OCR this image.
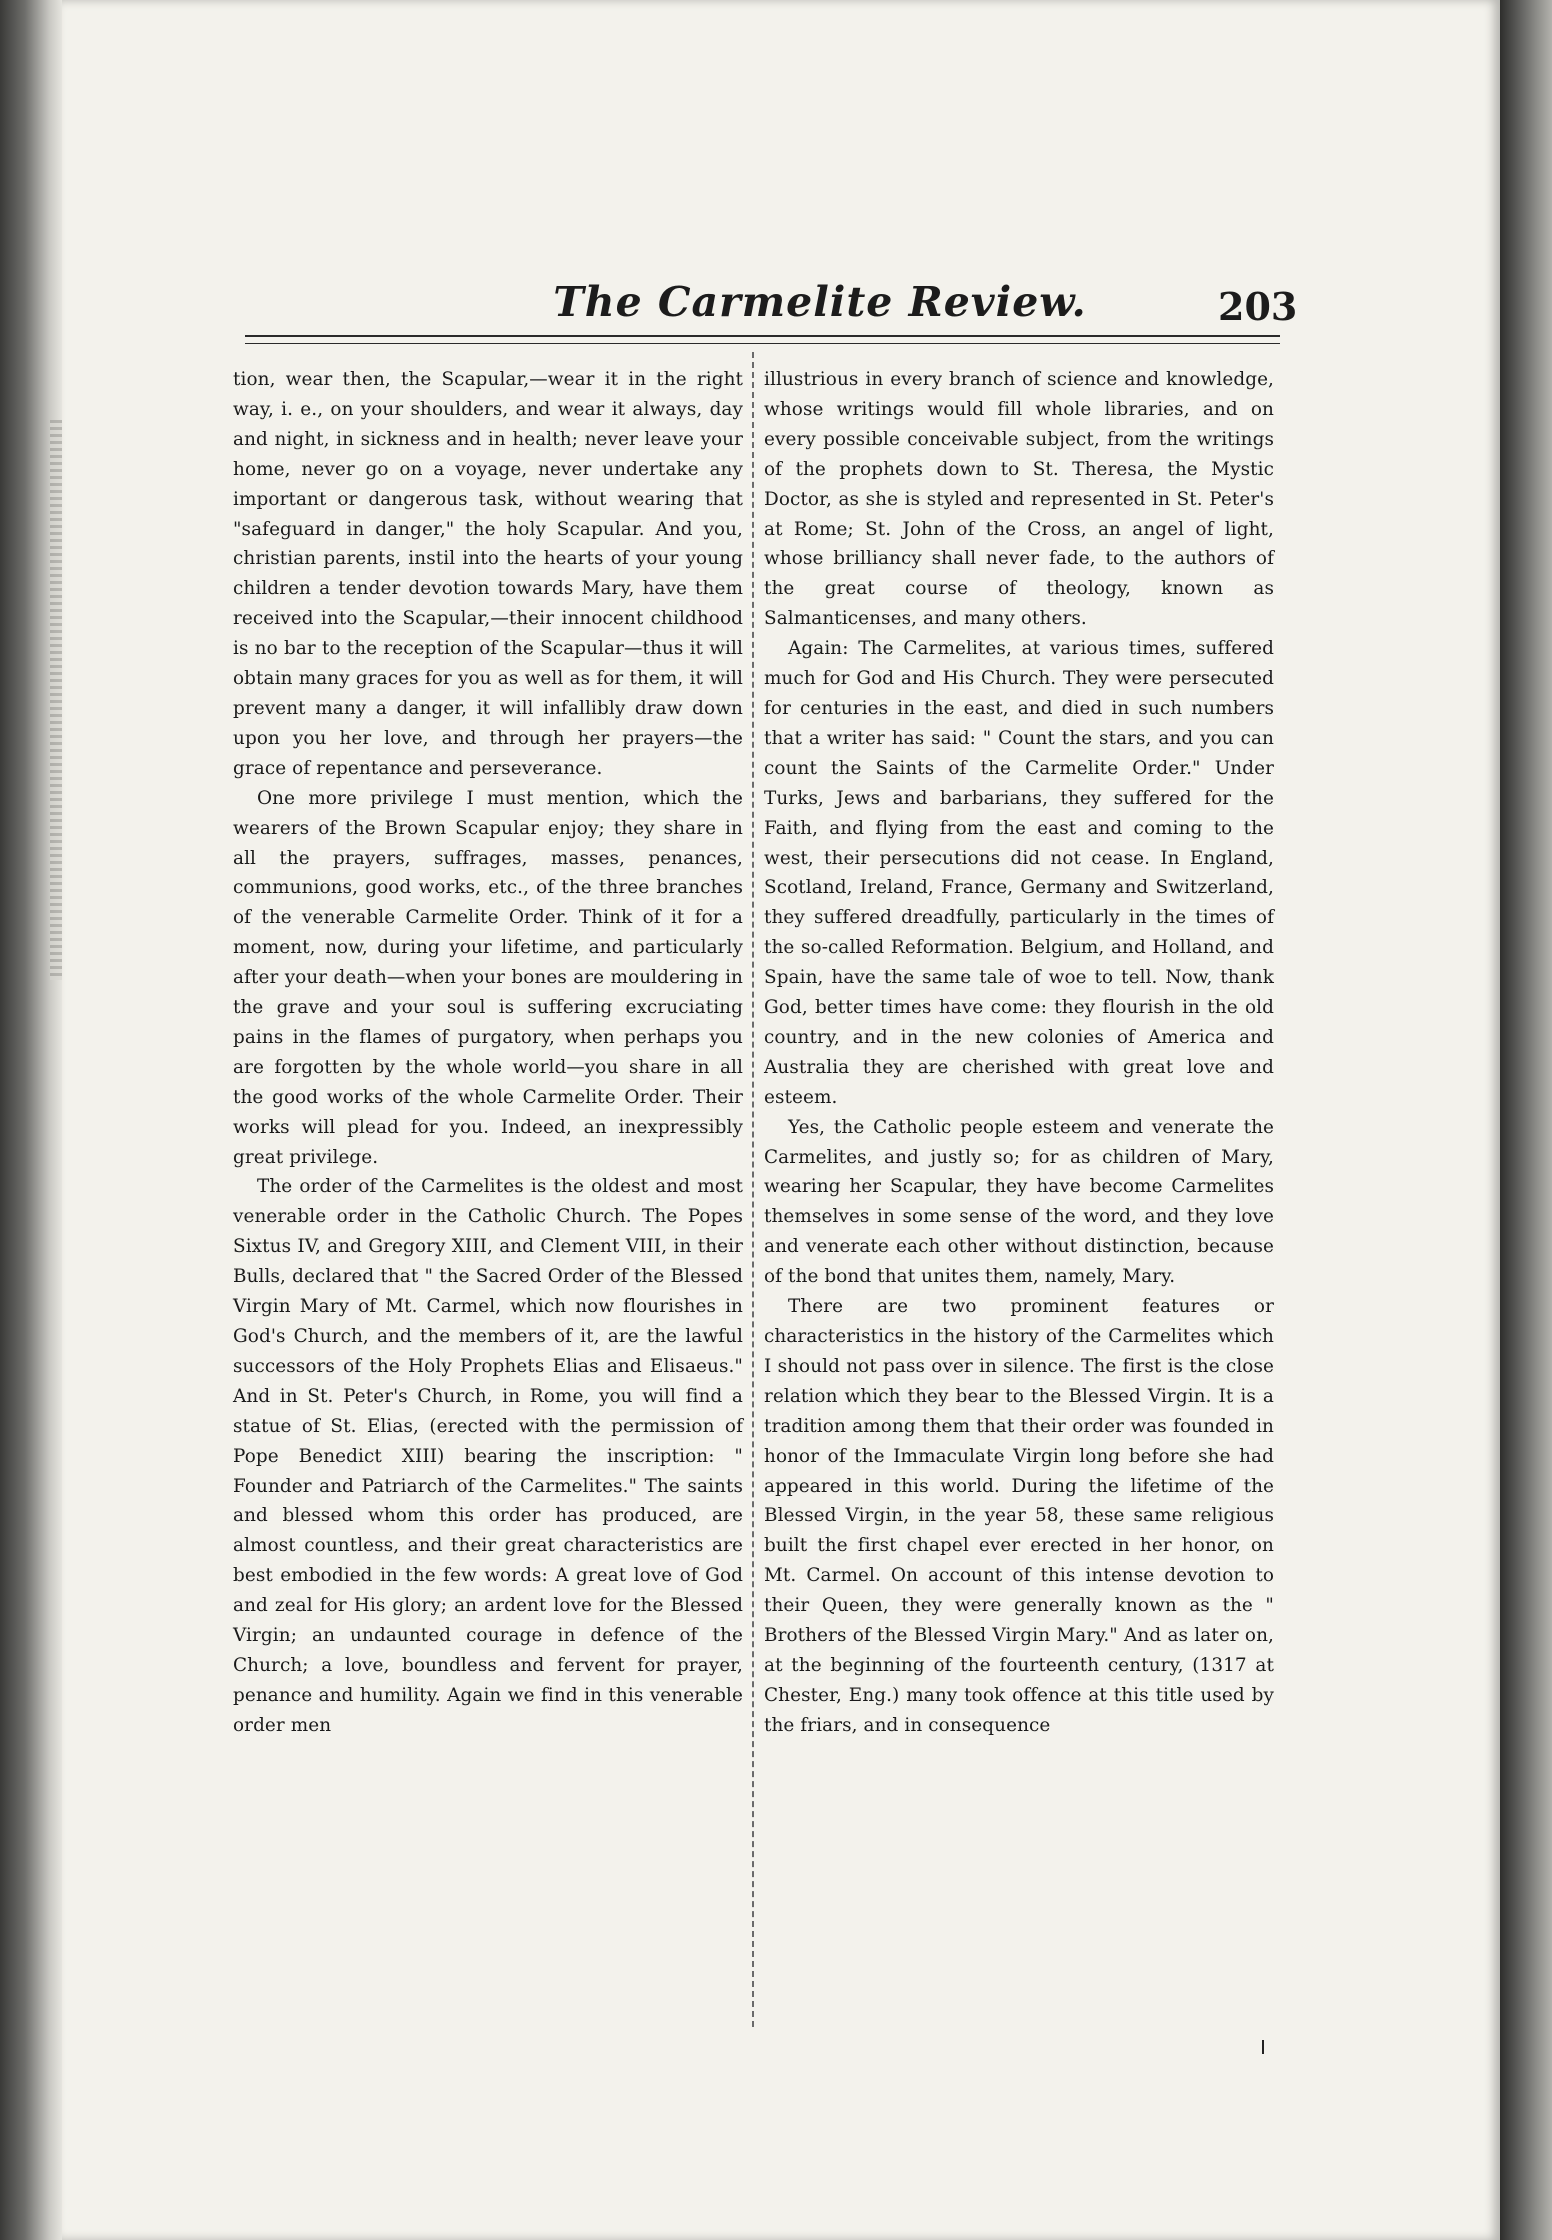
The Carmelite Review.	203

tion, wear then, the Scapular,—wear it in the right way, i. e., on your shoulders, and wear it always, day and night, in sickness and in health; never leave your home, never go on a voyage, never undertake any important or dangerous task, without wearing that "safeguard in danger," the holy Scapular. And you, christian parents, instil into the hearts of your young children a tender devotion towards Mary, have them received into the Scapular,—their innocent childhood is no bar to the reception of the Scapular—thus it will obtain many graces for you as well as for them, it will prevent many a danger, it will infallibly draw down upon you her love, and through her prayers—the grace of repentance and perseverance.

One more privilege I must mention, which the wearers of the Brown Scapular enjoy; they share in all the prayers, suffrages, masses, penances, communions, good works, etc., of the three branches of the venerable Carmelite Order. Think of it for a moment, now, during your lifetime, and particularly after your death—when your bones are mouldering in the grave and your soul is suffering excruciating pains in the flames of purgatory, when perhaps you are forgotten by the whole world—you share in all the good works of the whole Carmelite Order. Their works will plead for you. Indeed, an inexpressibly great privilege.

The order of the Carmelites is the oldest and most venerable order in the Catholic Church. The Popes Sixtus IV, and Gregory XIII, and Clement VIII, in their Bulls, declared that " the Sacred Order of the Blessed Virgin Mary of Mt. Carmel, which now flourishes in God's Church, and the members of it, are the lawful successors of the Holy Prophets Elias and Elisaeus." And in St. Peter's Church, in Rome, you will find a statue of St. Elias, (erected with the permission of Pope Benedict XIII) bearing the inscription: " Founder and Patriarch of the Carmelites." The saints and blessed whom this order has produced, are almost countless, and their great characteristics are best embodied in the few words: A great love of God and zeal for His glory; an ardent love for the Blessed Virgin; an undaunted courage in defence of the Church; a love, boundless and fervent for prayer, penance and humility. Again we find in this venerable order men

illustrious in every branch of science and knowledge, whose writings would fill whole libraries, and on every possible conceivable subject, from the writings of the prophets down to St. Theresa, the Mystic Doctor, as she is styled and represented in St. Peter's at Rome; St. John of the Cross, an angel of light, whose brilliancy shall never fade, to the authors of the great course of theology, known as Salmanticenses, and many others.

Again: The Carmelites, at various times, suffered much for God and His Church. They were persecuted for centuries in the east, and died in such numbers that a writer has said: " Count the stars, and you can count the Saints of the Carmelite Order." Under Turks, Jews and barbarians, they suffered for the Faith, and flying from the east and coming to the west, their persecutions did not cease. In England, Scotland, Ireland, France, Germany and Switzerland, they suffered dreadfully, particularly in the times of the so-called Reformation. Belgium, and Holland, and Spain, have the same tale of woe to tell. Now, thank God, better times have come: they flourish in the old country, and in the new colonies of America and Australia they are cherished with great love and esteem.

Yes, the Catholic people esteem and venerate the Carmelites, and justly so; for as children of Mary, wearing her Scapular, they have become Carmelites themselves in some sense of the word, and they love and venerate each other without distinction, because of the bond that unites them, namely, Mary.

There are two prominent features or characteristics in the history of the Carmelites which I should not pass over in silence. The first is the close relation which they bear to the Blessed Virgin. It is a tradition among them that their order was founded in honor of the Immaculate Virgin long before she had appeared in this world. During the lifetime of the Blessed Virgin, in the year 58, these same religious built the first chapel ever erected in her honor, on Mt. Carmel. On account of this intense devotion to their Queen, they were generally known as the " Brothers of the Blessed Virgin Mary." And as later on, at the beginning of the fourteenth century, (1317 at Chester, Eng.) many took offence at this title used by the friars, and in consequence
